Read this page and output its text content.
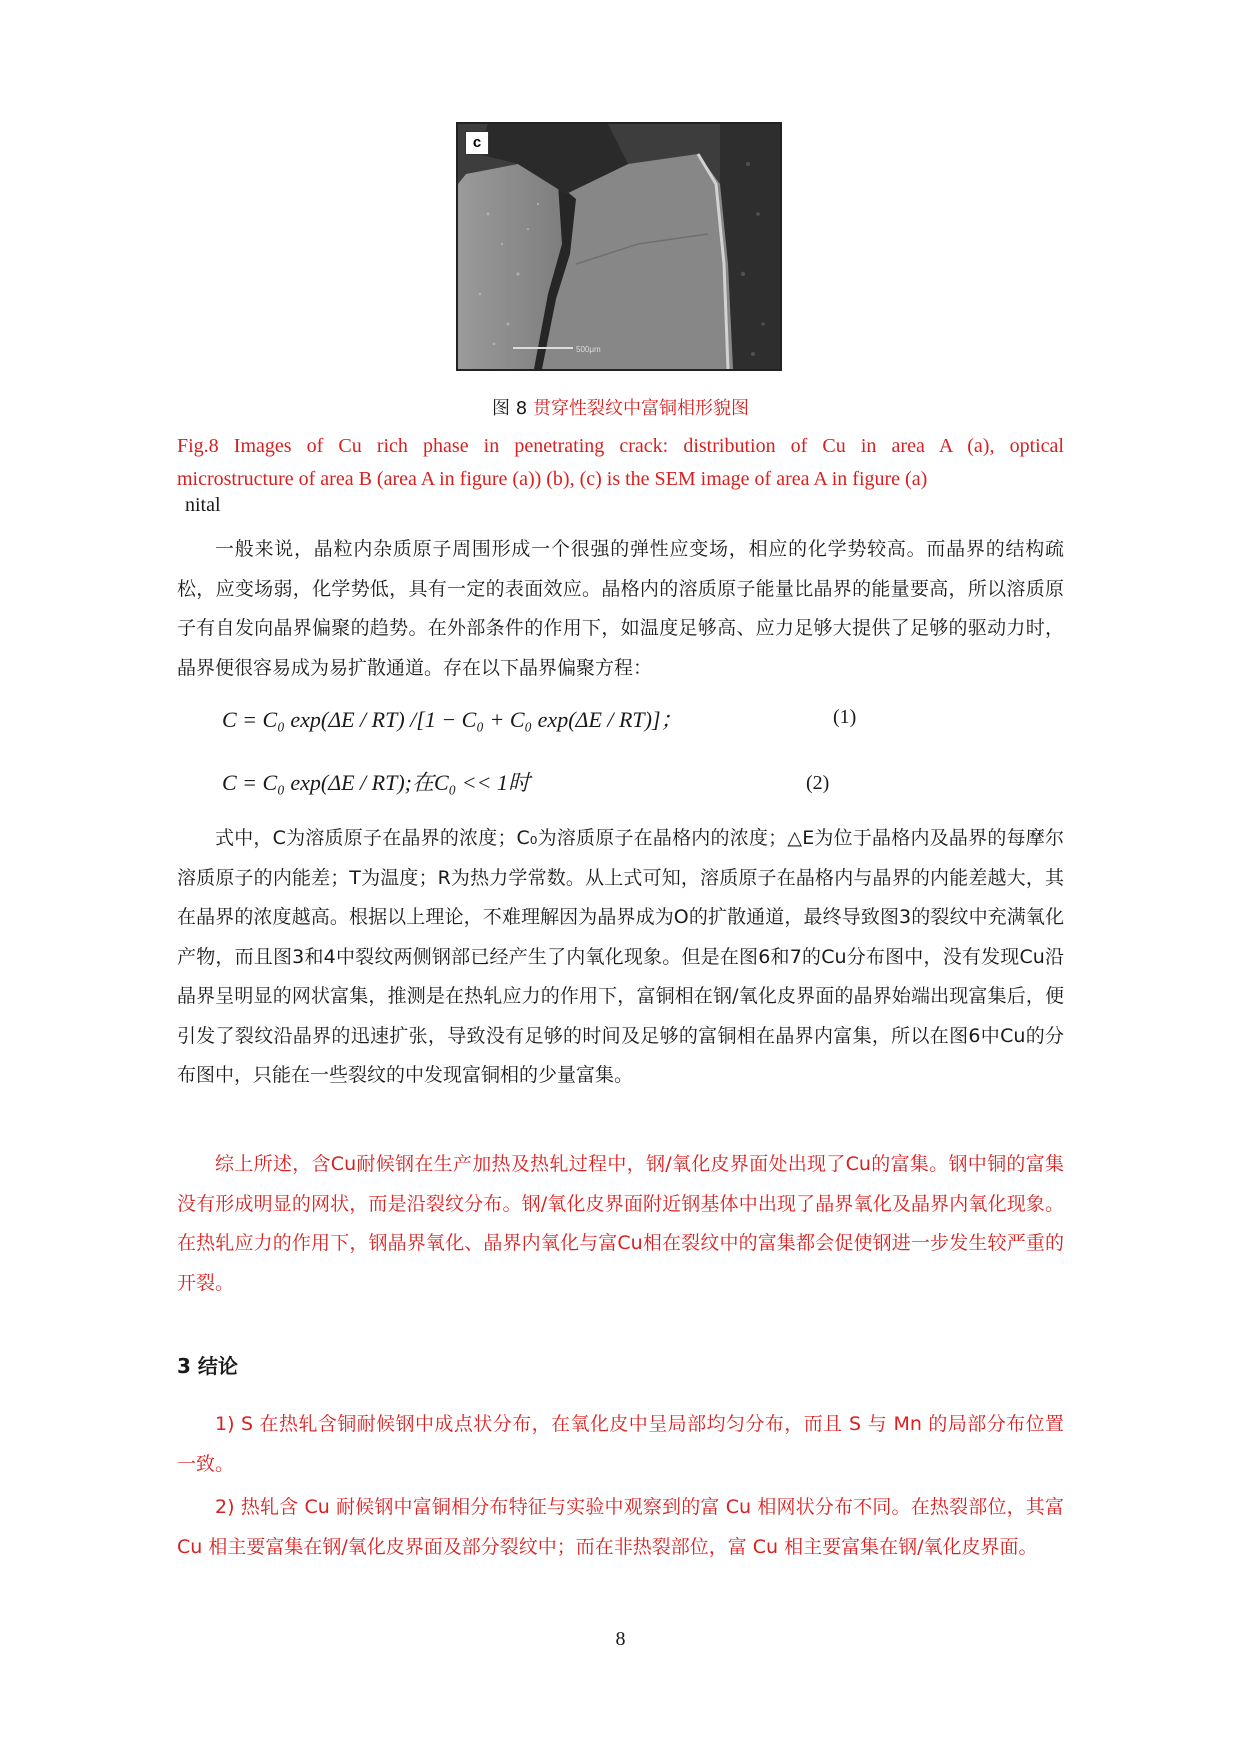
500μm
c
图 8 贯穿性裂纹中富铜相形貌图
Fig.8 Images of Cu rich phase in penetrating crack: distribution of Cu in area A (a), optical
microstructure of area B (area A in figure (a)) (b), (c) is the SEM image of area A in figure (a)
nital

一般来说，晶粒内杂质原子周围形成一个很强的弹性应变场，相应的化学势较高。而晶界的结构疏松，应变场弱，化学势低，具有一定的表面效应。晶格内的溶质原子能量比晶界的能量要高，所以溶质原子有自发向晶界偏聚的趋势。在外部条件的作用下，如温度足够高、应力足够大提供了足够的驱动力时，晶界便很容易成为易扩散通道。存在以下晶界偏聚方程：

C = C₀ exp(ΔE / RT) /[1 − C₀ + C₀ exp(ΔE / RT)]；	(1)
C = C₀ exp(ΔE / RT);在C₀ << 1时	(2)

式中，C为溶质原子在晶界的浓度；C₀为溶质原子在晶格内的浓度；△E为位于晶格内及晶界的每摩尔溶质原子的内能差；T为温度；R为热力学常数。从上式可知，溶质原子在晶格内与晶界的内能差越大，其在晶界的浓度越高。根据以上理论，不难理解因为晶界成为O的扩散通道，最终导致图3的裂纹中充满氧化产物，而且图3和4中裂纹两侧钢部已经产生了内氧化现象。但是在图6和7的Cu分布图中，没有发现Cu沿晶界呈明显的网状富集，推测是在热轧应力的作用下，富铜相在钢/氧化皮界面的晶界始端出现富集后，便引发了裂纹沿晶界的迅速扩张，导致没有足够的时间及足够的富铜相在晶界内富集，所以在图6中Cu的分布图中，只能在一些裂纹的中发现富铜相的少量富集。

综上所述，含Cu耐候钢在生产加热及热轧过程中，钢/氧化皮界面处出现了Cu的富集。钢中铜的富集没有形成明显的网状，而是沿裂纹分布。钢/氧化皮界面附近钢基体中出现了晶界氧化及晶界内氧化现象。在热轧应力的作用下，钢晶界氧化、晶界内氧化与富Cu相在裂纹中的富集都会促使钢进一步发生较严重的开裂。

3 结论

1) S 在热轧含铜耐候钢中成点状分布，在氧化皮中呈局部均匀分布，而且 S 与 Mn 的局部分布位置一致。

2) 热轧含 Cu 耐候钢中富铜相分布特征与实验中观察到的富 Cu 相网状分布不同。在热裂部位，其富 Cu 相主要富集在钢/氧化皮界面及部分裂纹中；而在非热裂部位，富 Cu 相主要富集在钢/氧化皮界面。

8
